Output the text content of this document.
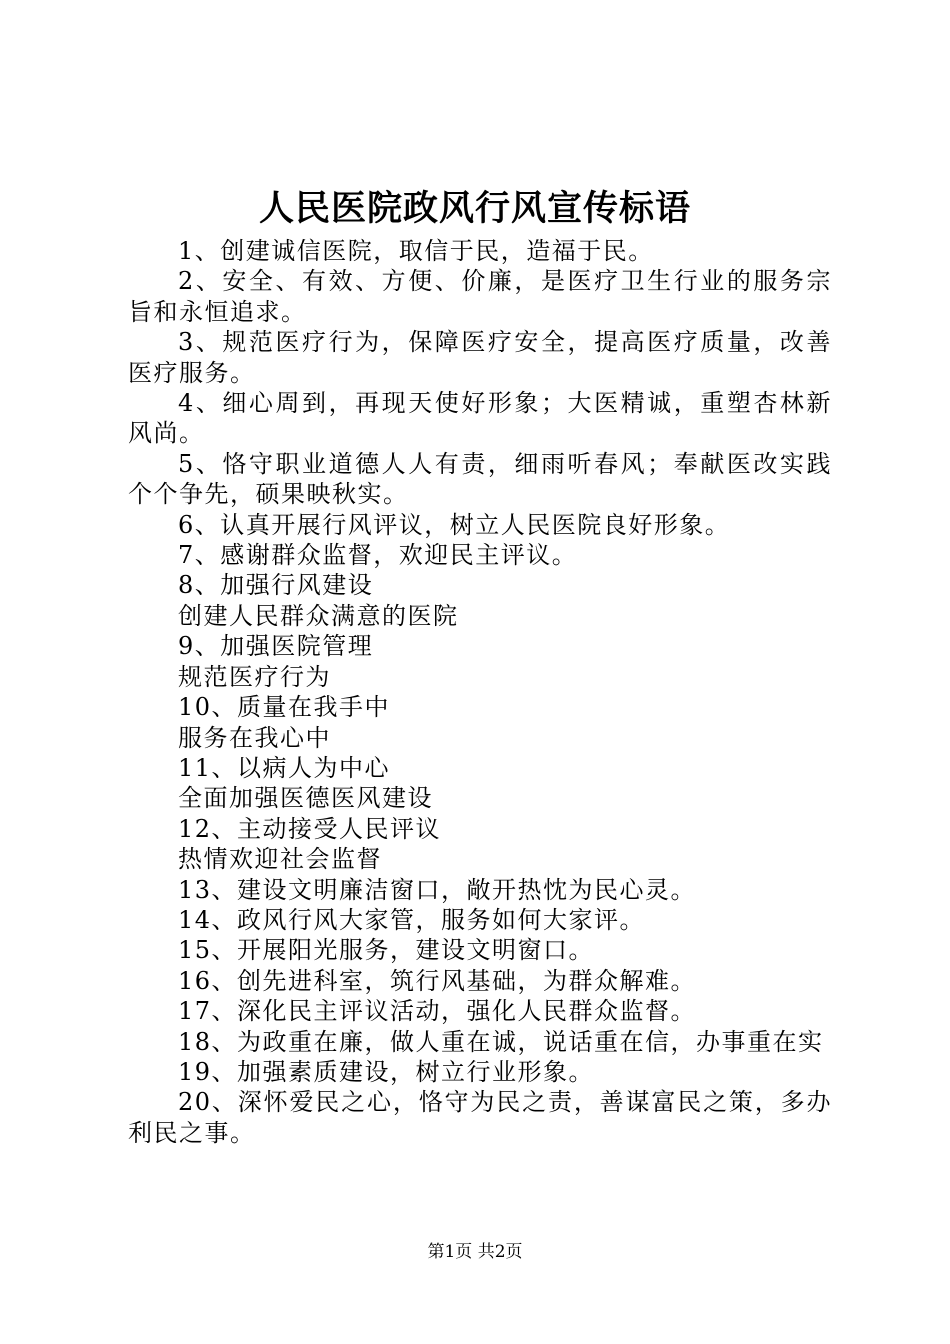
人民医院政风行风宣传标语

1、创建诚信医院，取信于民，造福于民。

2、安全、有效、方便、价廉，是医疗卫生行业的服务宗旨和永恒追求。

3、规范医疗行为，保障医疗安全，提高医疗质量，改善医疗服务。

4、细心周到，再现天使好形象；大医精诚，重塑杏林新风尚。

5、恪守职业道德人人有责，细雨听春风；奉献医改实践个个争先，硕果映秋实。

6、认真开展行风评议，树立人民医院良好形象。

7、感谢群众监督，欢迎民主评议。

8、加强行风建设

创建人民群众满意的医院

9、加强医院管理

规范医疗行为

10、质量在我手中

服务在我心中

11、以病人为中心

全面加强医德医风建设

12、主动接受人民评议

热情欢迎社会监督

13、建设文明廉洁窗口，敞开热忱为民心灵。

14、政风行风大家管，服务如何大家评。

15、开展阳光服务，建设文明窗口。

16、创先进科室，筑行风基础，为群众解难。

17、深化民主评议活动，强化人民群众监督。

18、为政重在廉，做人重在诚，说话重在信，办事重在实

19、加强素质建设，树立行业形象。

20、深怀爱民之心，恪守为民之责，善谋富民之策，多办利民之事。

第1页 共2页
